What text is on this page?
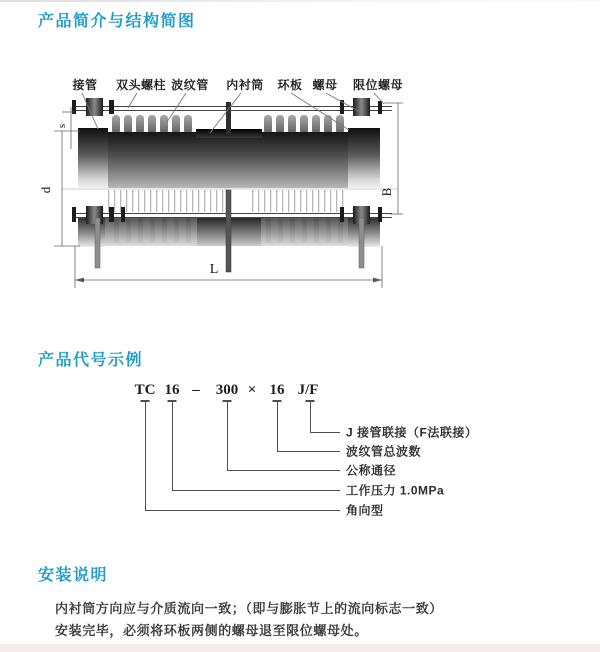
产品简介与结构简图
接管 双头螺柱 波纹管 内衬筒 环板 螺母 限位螺母
s
d	B
L
产品代号示例
TC 16 – 300 × 16 J/F
J 接管联接（F法联接）
波纹管总波数
公称通径
工作压力 1.0MPa
角向型
安装说明

内衬筒方向应与介质流向一致；（即与膨胀节上的流向标志一致）

安装完毕，必须将环板两侧的螺母退至限位螺母处。
